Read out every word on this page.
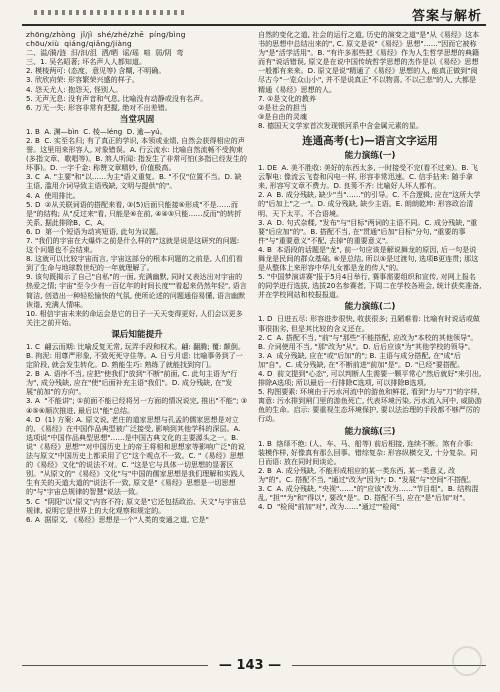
答案与解析
zhōng/zhòng  jǐ/jì  shé/zhé/zhē  píng/bìng
chōu/xiù  qiáng/qiǎng/jiàng
二、溢/漪/涟  汨/汩/沮  洒/晒  谣/瑶  喧  弱/阴  弯
三、1. 吴名昭著; 坏名声人人都知道。
2. 模棱两可: (态度、意见等) 含糊, 不明确。
3. 欣欣向荣: 形容繁荣兴盛的样子。
4. 怨天尤人: 抱怨天, 怪别人。
5. 无声无息: 没有声音和气息, 比喻没有动静或没有名声。
6. 万无一失: 形容非常有把握, 绝对不出差错。
当堂巩固
1. B  A. 渊—bìn  C. 棱—léng  D. 逾—yú。
2. B  C. 实至名归; 有了真正的学识, 本领或业绩, 自然会获得相应的声誉。这里用来形容人, 对象错误。A. 行云流水: 比喻自然流畅不受拘束(多指文章、歌唱等)。B. 煞人听闻: 指发生了非常可怕(多指已经发生的坏事)。D. 一字千金: 称赞文章精妙, 价值极高。
3. C  A. "主要"和"以……为主"语义重复。B. "不仅"位置不当。D. 缺主语, 滥用介词导致主语残缺, 文明与提供"的"。
4. A  使用排比。
5. D  ②从关联词语的搭配来看, ③(5)后面只能接⑥形成"不是……而是"的结构; 从"反过来"看, 只能是⑥在前, ④④⑤只能……反而"的转折关系, 据此排除B、C、A。
6. D  第一个短语为动宾短语, 此句为议题。
7. "我们的宇宙在大爆炸之前是什么样的?"这就是说是这研究的问题: 这个问题也不会结束。
8. 这就可以比较宇宙而言, 宇宙这部分的根本问题的之前是, 人们们看到了生命与地球数世纪的一年就理解了。
9. 该句既揭示了自己"自私"的一面, 充满幽默, 同时又表达出对宇宙的热爱之情; 宇宙"至今少有一百亿年的时间长度""看起来仍然年轻", 语言简洁, 创造出一种轻松愉快的气氛, 使所论述的问题通俗易懂, 语言幽默诙谐, 充满人情味。
10. 相信宇宙未来的命运会是它的日子一天天变得更好, 人们会以更多关注之前开始。
课后知能提升
1. C  翩云而期: 比喻反复无常, 玩弄手段和权术。翩: 翻腾; 覆: 颠倒。B. 拘泥: 用尊严形象, 不致死死守住等。A. 日亏月虚: 比喻事务到了一定阶段, 就会发生转化。D. 熟能生巧: 熟练了就能找到窍门。
2. B  A. 语序不当, 应把"使我们"放到"不断"前面, C. 此句主语为"行为", 成分残缺, 应在"使"后面补充主语"我们"。D. 成分残缺, 在"发展"前加"的方向"。
3. A  "不能讲"; ①前面不能已经将另一方面的情况说完, 推出"不能"; ③④⑤⑥顺次推进, 最后以"能"总结。
4. D  (1) 方案: A. 原文说, 老庄的道家思想与孔孟的儒家思想是对立的, 《易经》在中国作品典型被广泛接受, 影响到其他学科的深层。A. 选项说"中国作品典型思想"……是中国古典文化的主要源头之一。B. 说"《易经》思想""对中国历史上的帝王将相和思想家等影响广泛"的说法与原文"中国历史上都采用了它"这个观点不一致。C. "《易经》思想的《易经》文化"的说法不对。C. "这是它与具体一切思想的显著区别。"从原文的"《易经》文化"与"中国的儒家思想是我们理解和实践人生有关的天道大道的"说法不一致, 原文是"《易经》思想是一切思想的"与"宇宙总规律的智慧"说法一致。
5. C  "阴阳"以"原文"内容不符; 原文是"它还包括政治、天文"与宇宙总规律, 说明它是世界上的大化观察和规定的。
6. A  据原文, 《易经》思想是一个"人类的变通之道, 它是"
自然的变化之道, 社会的运行之道, 历史的演变之道"是"从《易经》这本书的思想中总结出来的", C. 原文是说"《易经》思想"……"因而它被称为"是"活学活用"。B. "有许多那些把《易经》作为人生哲学思想的典籍而有"说话错误, 原文是在说中国传统哲学思想的杰作是以《易经》思想一般都有来来。D. 原文是说"精通了《易经》思想的人, 能真正做到"阅尽古今"一览众山小", 并不是说真正"不以物喜, 不以己悲"的人, 大都是精通《易经》思想的人。
7. ①是文化的教养
②是社会的担当
③是自由的灵魂
8. 德国天文学家首次发现银河系中含金属元素的星。
连通高考(七)—语言文字运用
能力演练(一)
1. DE  A. 美不胜收: 美好的东西太多, 一时接受不完(看不过来)。B. 飞云掣电: 像流云飞卷和闪电一样, 形容非常迅速。C. 信手拈来: 随手拿来, 形容写文章不费力。D. 良莠不齐: 比喻好人坏人都有。
2. A  B. 成分残缺, 缺少"当"……"的引导。C. 不合逻辑, 应在"这所大学的"后加上"之一"。D. 成分残缺, 缺少主语。E. 朗朗乾坤: 形容政治清明、天下太平。不合语境。
3. A  D. 句式杂糅, "发布"与"目标"两词的主语不同。C. 成分残缺, "重要"后应加"的"。B. 搭配不当, 在"贯通"后加"目标"分句, "重要的事件"与"重要意义"不配, 去掉"的重要意义"。
4. B  本语段的话题是"龙", 前一句应该是解说舞龙的原因, 后一句是说舞龙是民间的群众基础, ⑥是总结, 所以⑤是过渡句, 选项B更连贯; 那这是从整体上来形容中华儿女都是龙的传人"的。
5. "中国梦演讲赛"报于5月4日举行, 赛事需要组织和宣传, 对网上报名的同学进行选拔, 选拔20名参赛者, 下周二在学校各班会, 统计获奖准备, 并在学校网站和校报报道。
能力演练(二)
1. D  日进五尽: 形容进步很快, 收获很多; 丑陋难看: 比喻有时说话或做事很拙劣, 但是其比较的含义还在。
2. C  A. 搭配不当, "前"与"那些"不能搭配, 应改为"本校的其他领导"。B. 介词使用不当, "那"改为"从"。D. 后后应该"为"其他学校的领导"。
3. A  成分残缺, 应在"或"后加"的"; B. 主语与成分搭配, 在"成"后加"自"。C. 成分残缺, 在"不断前进"前加"是"。D. "已经"要搭配。
4. D  前文提到"心态", 可以判断人生需要一颗平常心"然后就好"来引出, 排除A选项; 所以最后一行排除C选项, 可以排除B选项。
5. 构图要素: 环境由于污水河流中的游鱼和鲜花, 看到"力与"刀"的字样, 寓意: 污水排到闸门里的游鱼死亡, 代表环境污染, 污水流入河中, 威胁游鱼的生命。启示: 要重视生态环境保护, 要以法治理的手段都不够严厉的行动。
能力演练(三)
1. B  络绎不绝: (人、车、马、船等) 前后相接, 连续不断。煞有介事: 装模作样, 好像真有那么回事。错综复杂: 形容纵横交叉, 十分复杂。同日而语: 放在同时间谈论。
2. B  A. 成分残缺, 不能形成相应的某一类东西, 某一类意义, 改为"的"。C. 搭配不当, "通过"改为"因为"; D. "发展"与"空间"不搭配。
3. C  A. 成分残缺, "央视"……"的"应该"改为……"节目组"。B. 结构混乱, "担""为"和"得以", 要改"是"。D. 搭配不当, 应在"是"后加"对"。
4. D  "检阅"前加"对", 改为……"通过""检阅"
— 143 —
